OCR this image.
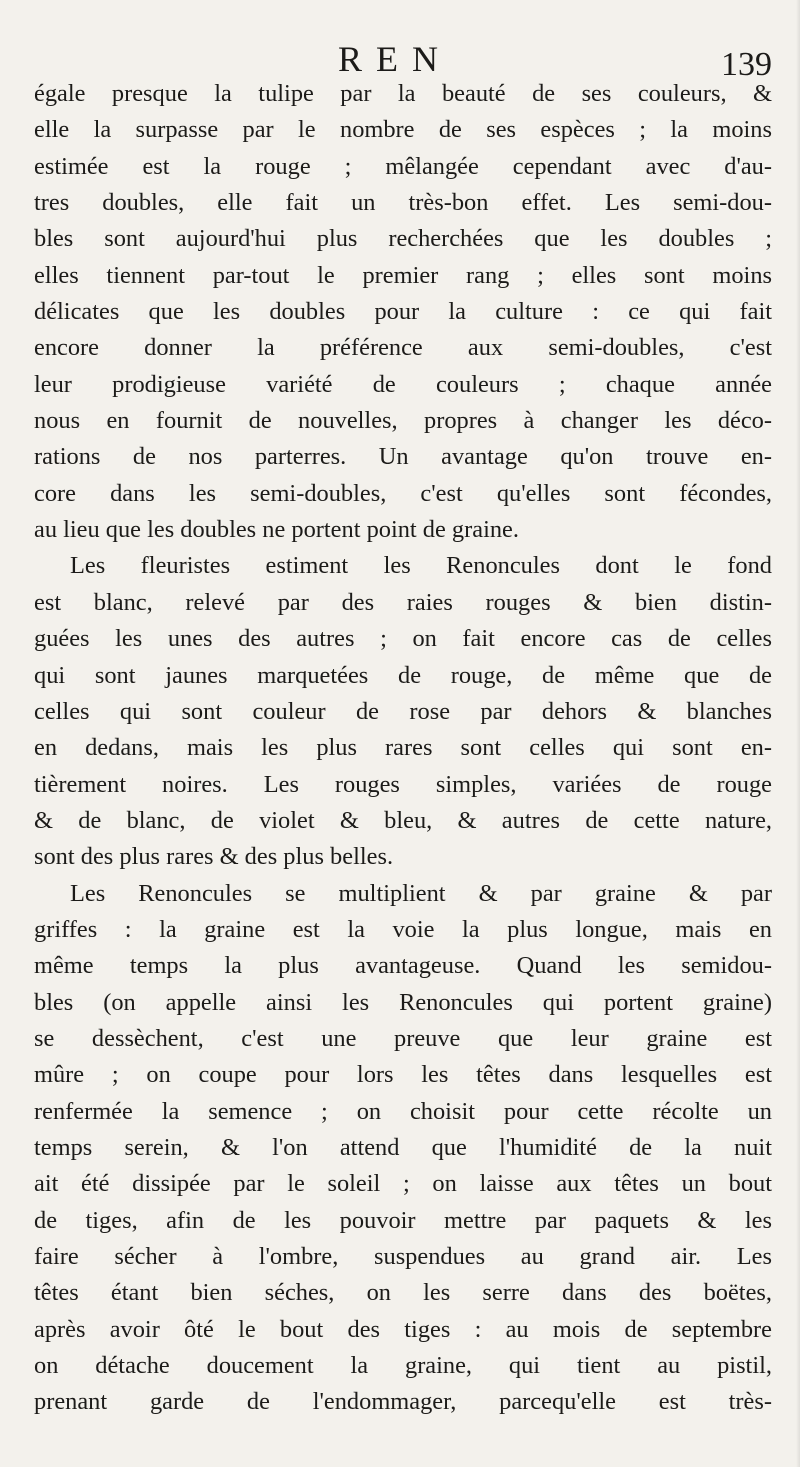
REN	139
égale presque la tulipe par la beauté de ses couleurs, &
elle la surpasse par le nombre de ses espèces ; la moins
estimée est la rouge ; mêlangée cependant avec d'au-
tres doubles, elle fait un très-bon effet. Les semi-dou-
bles sont aujourd'hui plus recherchées que les doubles ;
elles tiennent par-tout le premier rang ; elles sont moins
délicates que les doubles pour la culture : ce qui fait
encore donner la préférence aux semi-doubles, c'est
leur prodigieuse variété de couleurs ; chaque année
nous en fournit de nouvelles, propres à changer les déco-
rations de nos parterres. Un avantage qu'on trouve en-
core dans les semi-doubles, c'est qu'elles sont fécondes,
au lieu que les doubles ne portent point de graine.
Les fleuristes estiment les Renoncules dont le fond
est blanc, relevé par des raies rouges & bien distin-
guées les unes des autres ; on fait encore cas de celles
qui sont jaunes marquetées de rouge, de même que de
celles qui sont couleur de rose par dehors & blanches
en dedans, mais les plus rares sont celles qui sont en-
tièrement noires. Les rouges simples, variées de rouge
& de blanc, de violet & bleu, & autres de cette nature,
sont des plus rares & des plus belles.
Les Renoncules se multiplient & par graine & par
griffes : la graine est la voie la plus longue, mais en
même temps la plus avantageuse. Quand les semidou-
bles (on appelle ainsi les Renoncules qui portent graine)
se dessèchent, c'est une preuve que leur graine est
mûre ; on coupe pour lors les têtes dans lesquelles est
renfermée la semence ; on choisit pour cette récolte un
temps serein, & l'on attend que l'humidité de la nuit
ait été dissipée par le soleil ; on laisse aux têtes un bout
de tiges, afin de les pouvoir mettre par paquets & les
faire sécher à l'ombre, suspendues au grand air. Les
têtes étant bien séches, on les serre dans des boëtes,
après avoir ôté le bout des tiges : au mois de septembre
on détache doucement la graine, qui tient au pistil,
prenant garde de l'endommager, parcequ'elle est très-
